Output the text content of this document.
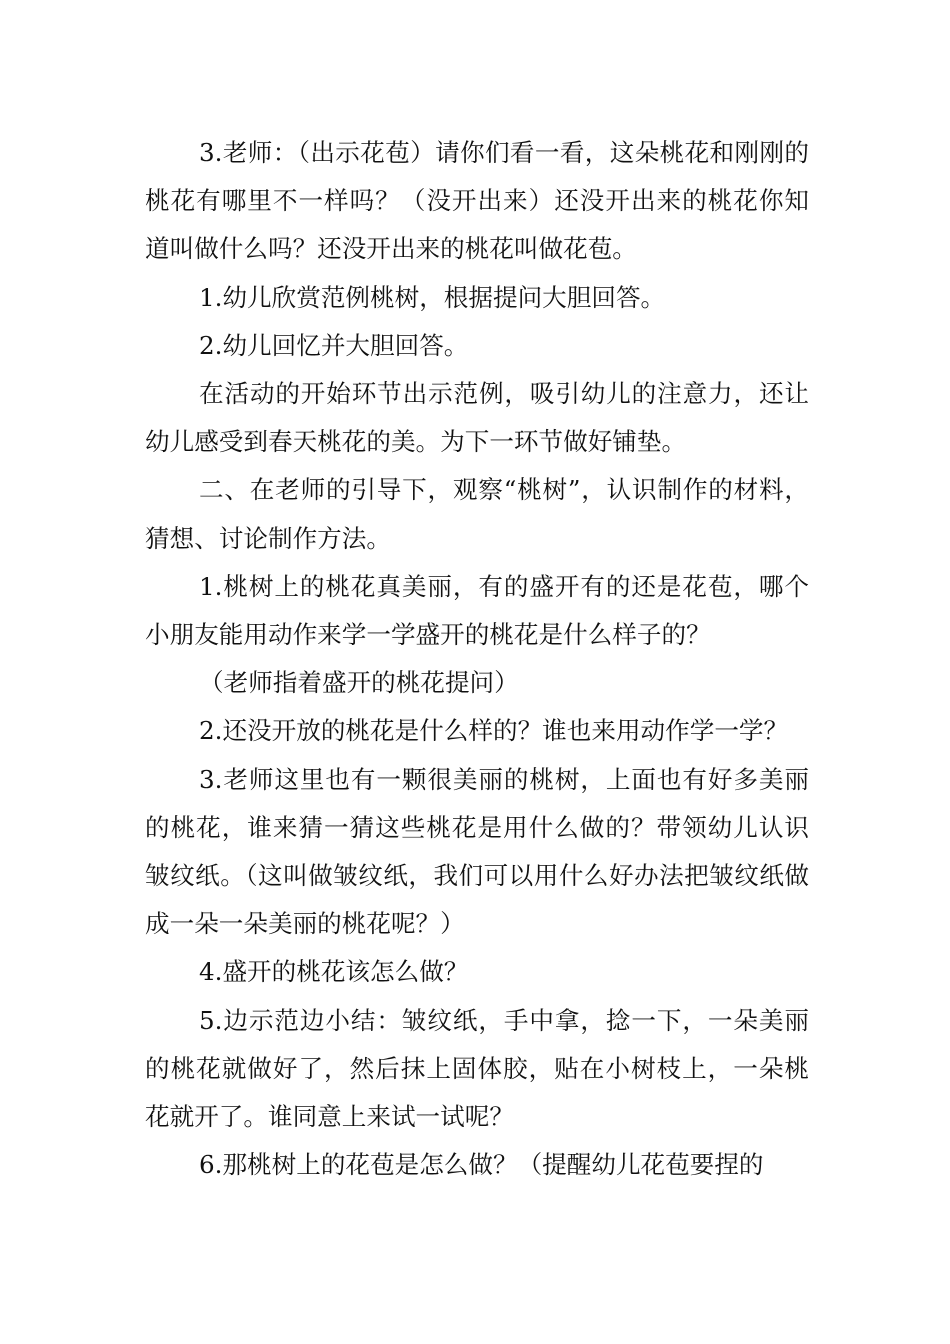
3.老师：（出示花苞）请你们看一看，这朵桃花和刚刚的桃花有哪里不一样吗？（没开出来）还没开出来的桃花你知道叫做什么吗？还没开出来的桃花叫做花苞。

1.幼儿欣赏范例桃树，根据提问大胆回答。

2.幼儿回忆并大胆回答。

在活动的开始环节出示范例，吸引幼儿的注意力，还让幼儿感受到春天桃花的美。为下一环节做好铺垫。

二、在老师的引导下，观察“桃树”，认识制作的材料，猜想、讨论制作方法。

1.桃树上的桃花真美丽，有的盛开有的还是花苞，哪个小朋友能用动作来学一学盛开的桃花是什么样子的？

（老师指着盛开的桃花提问）

2.还没开放的桃花是什么样的？谁也来用动作学一学？

3.老师这里也有一颗很美丽的桃树，上面也有好多美丽的桃花，谁来猜一猜这些桃花是用什么做的？带领幼儿认识皱纹纸。（这叫做皱纹纸，我们可以用什么好办法把皱纹纸做成一朵一朵美丽的桃花呢？）

4.盛开的桃花该怎么做？

5.边示范边小结：皱纹纸，手中拿，捻一下，一朵美丽的桃花就做好了，然后抹上固体胶，贴在小树枝上，一朵桃花就开了。谁同意上来试一试呢？

6.那桃树上的花苞是怎么做？（提醒幼儿花苞要捏的
